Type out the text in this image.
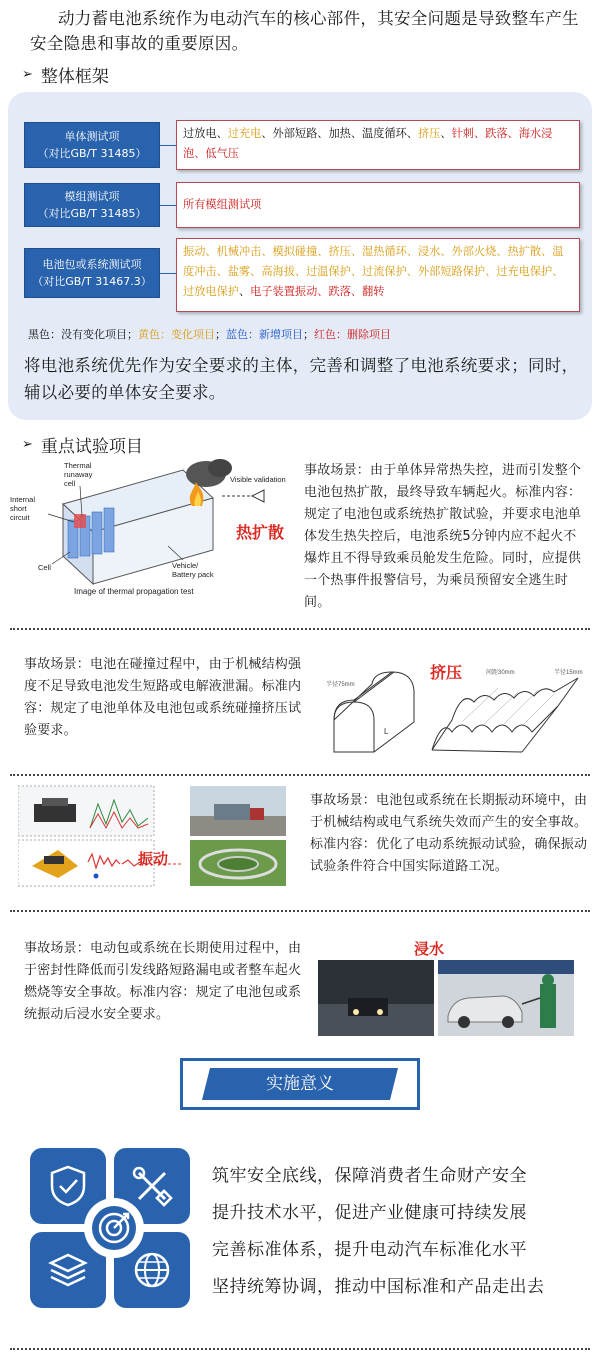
动力蓄电池系统作为电动汽车的核心部件，其安全问题是导致整车产生安全隐患和事故的重要原因。
➢ 整体框架
单体测试项
（对比GB/T 31485）
过放电、过充电、外部短路、加热、温度循环、挤压、针刺、跌落、海水浸泡、低气压
模组测试项
（对比GB/T 31485）
所有模组测试项
电池包或系统测试项
（对比GB/T 31467.3）
振动、机械冲击、模拟碰撞、挤压、湿热循环、浸水、外部火烧、热扩散、温度冲击、盐雾、高海拔、过温保护、过流保护、外部短路保护、过充电保护、过放电保护、电子装置振动、跌落、翻转
黑色：没有变化项目；黄色：变化项目；蓝色：新增项目；红色：删除项目
将电池系统优先作为安全要求的主体，完善和调整了电池系统要求；同时，辅以必要的单体安全要求。
➢ 重点试验项目
Thermal
runaway
cell
Internal
short
circuit
Cell	Vehicle/
Battery pack
Visible validation
Image of thermal propagation test
热扩散
事故场景：由于单体异常热失控，进而引发整个电池包热扩散，最终导致车辆起火。标准内容：规定了电池包或系统热扩散试验，并要求电池单体发生热失控后，电池系统5分钟内应不起火不爆炸且不得导致乘员舱发生危险。同时，应提供一个热事件报警信号，为乘员预留安全逃生时间。
事故场景：电池在碰撞过程中，由于机械结构强度不足导致电池发生短路或电解液泄漏。标准内容：规定了电池单体及电池包或系统碰撞挤压试验要求。
挤压
L
半径75mm
间距30mm	半径15mm
振动
事故场景：电池包或系统在长期振动环境中，由于机械结构或电气系统失效而产生的安全事故。标准内容：优化了电动系统振动试验，确保振动试验条件符合中国实际道路工况。
事故场景：电动包或系统在长期使用过程中，由于密封性降低而引发线路短路漏电或者整车起火燃烧等安全事故。标准内容：规定了电池包或系统振动后浸水安全要求。
浸水
实施意义
筑牢安全底线，保障消费者生命财产安全
提升技术水平，促进产业健康可持续发展
完善标准体系，提升电动汽车标准化水平
坚持统筹协调，推动中国标准和产品走出去
